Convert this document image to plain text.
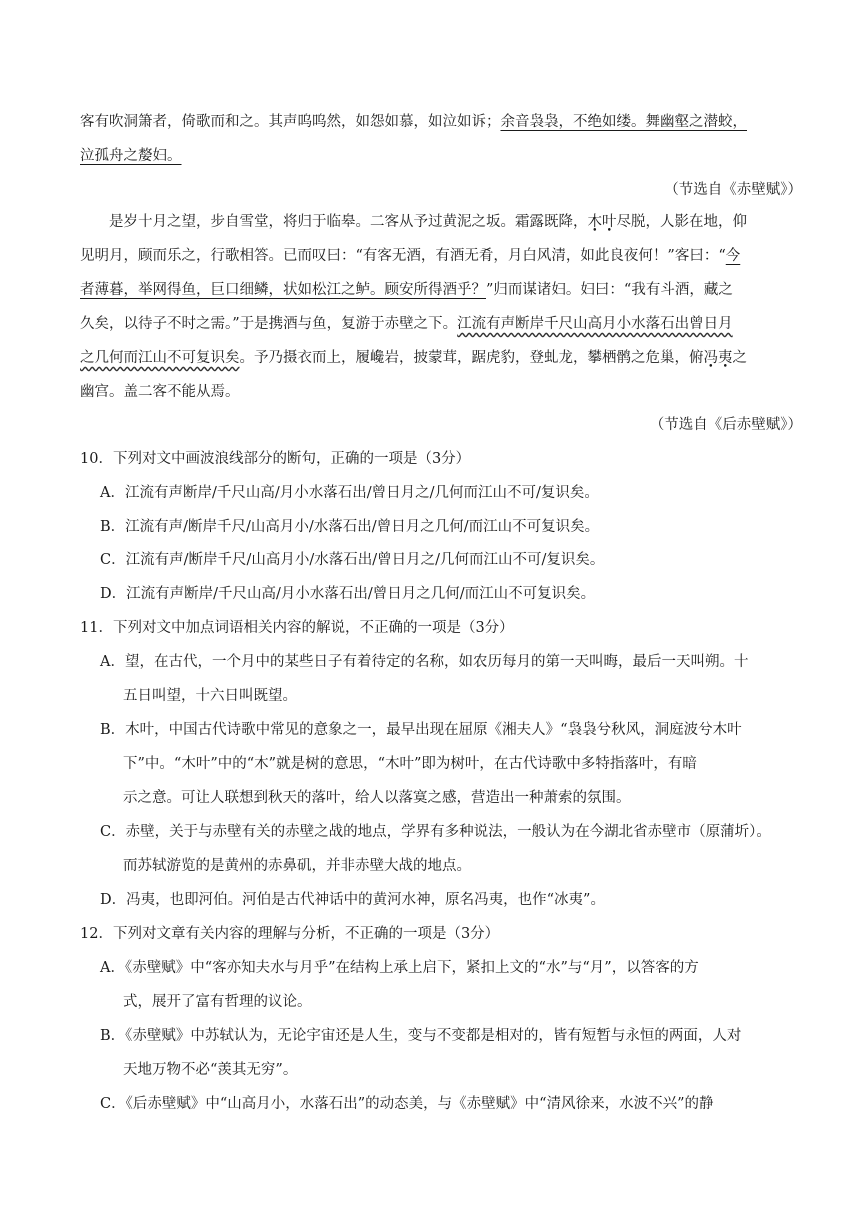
客有吹洞箫者，倚歌而和之。其声呜呜然，如怨如慕，如泣如诉；余音袅袅，不绝如缕。舞幽壑之潜蛟，
泣孤舟之嫠妇。
（节选自《赤壁赋》）
是岁十月之望，步自雪堂，将归于临皋。二客从予过黄泥之坂。霜露既降，木叶尽脱，人影在地，仰
见明月，顾而乐之，行歌相答。已而叹曰：“有客无酒，有酒无肴，月白风清，如此良夜何！”客曰：“今
者薄暮，举网得鱼，巨口细鳞，状如松江之鲈。顾安所得酒乎？”归而谋诸妇。妇曰：“我有斗酒，藏之
久矣，以待子不时之需。”于是携酒与鱼，复游于赤壁之下。江流有声断岸千尺山高月小水落石出曾日月
之几何而江山不可复识矣。予乃摄衣而上，履巉岩，披蒙茸，踞虎豹，登虬龙，攀栖鹘之危巢，俯冯夷之
幽宫。盖二客不能从焉。
（节选自《后赤壁赋》）
10．下列对文中画波浪线部分的断句，正确的一项是（3分）
A．江流有声断岸/千尺山高/月小水落石出/曾日月之/几何而江山不可/复识矣。
B．江流有声/断岸千尺/山高月小/水落石出/曾日月之几何/而江山不可复识矣。
C．江流有声/断岸千尺/山高月小/水落石出/曾日月之/几何而江山不可/复识矣。
D．江流有声断岸/千尺山高/月小水落石出/曾日月之几何/而江山不可复识矣。
11．下列对文中加点词语相关内容的解说，不正确的一项是（3分）
A．望，在古代，一个月中的某些日子有着待定的名称，如农历每月的第一天叫晦，最后一天叫朔。十
五日叫望，十六日叫既望。
B．木叶，中国古代诗歌中常见的意象之一，最早出现在屈原《湘夫人》“袅袅兮秋风，洞庭波兮木叶
下”中。“木叶”中的“木”就是树的意思，“木叶”即为树叶，在古代诗歌中多特指落叶，有暗
示之意。可让人联想到秋天的落叶，给人以落寞之感，营造出一种萧索的氛围。
C．赤壁，关于与赤壁有关的赤壁之战的地点，学界有多种说法，一般认为在今湖北省赤壁市（原蒲圻）。
而苏轼游览的是黄州的赤鼻矶，并非赤壁大战的地点。
D．冯夷，也即河伯。河伯是古代神话中的黄河水神，原名冯夷，也作“冰夷”。
12．下列对文章有关内容的理解与分析，不正确的一项是（3分）
A．《赤壁赋》中“客亦知夫水与月乎”在结构上承上启下，紧扣上文的“水”与“月”，以答客的方
式，展开了富有哲理的议论。
B．《赤壁赋》中苏轼认为，无论宇宙还是人生，变与不变都是相对的，皆有短暂与永恒的两面，人对
天地万物不必“羡其无穷”。
C．《后赤壁赋》中“山高月小，水落石出”的动态美，与《赤壁赋》中“清风徐来，水波不兴”的静
